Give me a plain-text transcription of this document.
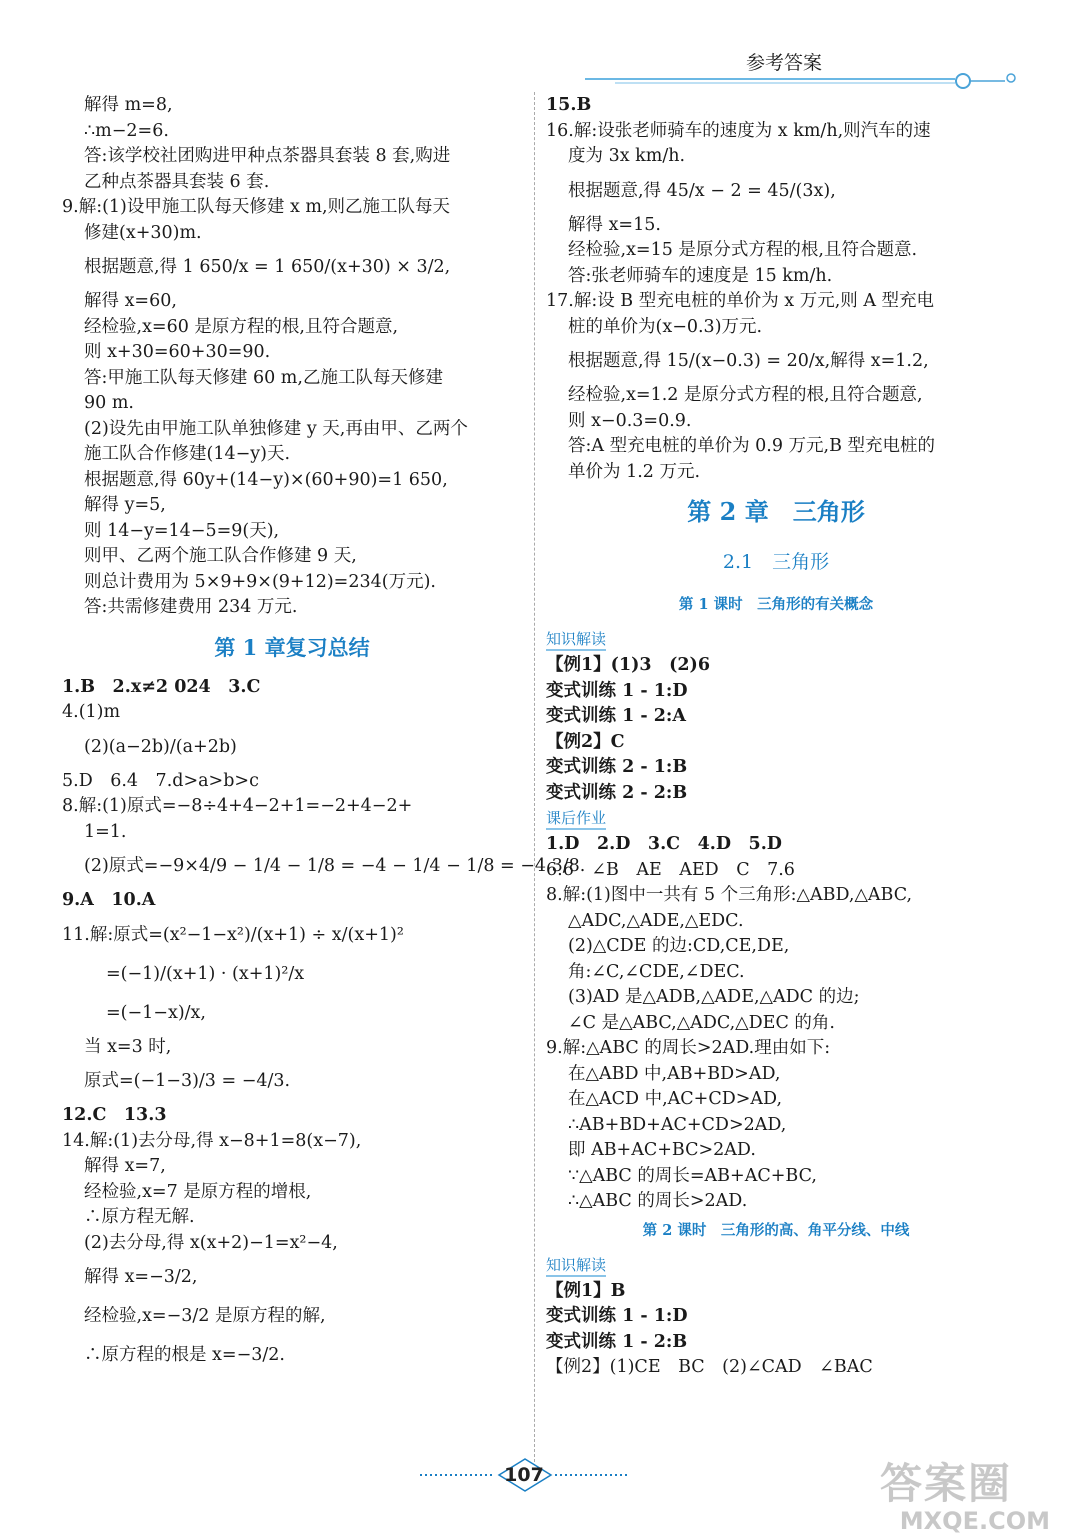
参考答案
解得 m=8,
∴m−2=6.
答:该学校社团购进甲种点茶器具套装 8 套,购进
乙种点茶器具套装 6 套.
9.解:(1)设甲施工队每天修建 x m,则乙施工队每天
修建(x+30)m.
根据题意,得 1 650/x = 1 650/(x+30) × 3/2,
解得 x=60,
经检验,x=60 是原方程的根,且符合题意,
则 x+30=60+30=90.
答:甲施工队每天修建 60 m,乙施工队每天修建
90 m.
(2)设先由甲施工队单独修建 y 天,再由甲、乙两个
施工队合作修建(14−y)天.
根据题意,得 60y+(14−y)×(60+90)=1 650,
解得 y=5,
则 14−y=14−5=9(天),
则甲、乙两个施工队合作修建 9 天,
则总计费用为 5×9+9×(9+12)=234(万元).
答:共需修建费用 234 万元.
第 1 章复习总结
1.B　2.x≠2 024　3.C
4.(1)m
(2)(a−2b)/(a+2b)
5.D　6.4　7.d>a>b>c
8.解:(1)原式=−8÷4+4−2+1=−2+4−2+
1=1.
(2)原式=−9×4/9 − 1/4 − 1/8 = −4 − 1/4 − 1/8 = −4 3/8.
9.A　10.A
11.解:原式=(x²−1−x²)/(x+1) ÷ x/(x+1)²
=(−1)/(x+1) · (x+1)²/x
=(−1−x)/x,
当 x=3 时,
原式=(−1−3)/3 = −4/3.
12.C　13.3
14.解:(1)去分母,得 x−8+1=8(x−7),
解得 x=7,
经检验,x=7 是原方程的增根,
∴原方程无解.
(2)去分母,得 x(x+2)−1=x²−4,
解得 x=−3/2,
经检验,x=−3/2 是原方程的解,
∴原方程的根是 x=−3/2.
15.B
16.解:设张老师骑车的速度为 x km/h,则汽车的速
度为 3x km/h.
根据题意,得 45/x − 2 = 45/(3x),
解得 x=15.
经检验,x=15 是原分式方程的根,且符合题意.
答:张老师骑车的速度是 15 km/h.
17.解:设 B 型充电桩的单价为 x 万元,则 A 型充电
桩的单价为(x−0.3)万元.
根据题意,得 15/(x−0.3) = 20/x,解得 x=1.2,
经检验,x=1.2 是原分式方程的根,且符合题意,
则 x−0.3=0.9.
答:A 型充电桩的单价为 0.9 万元,B 型充电桩的
单价为 1.2 万元.
第 2 章　三角形
2.1　三角形
第 1 课时　三角形的有关概念
知识解读
【例1】(1)3　(2)6
变式训练 1 - 1:D
变式训练 1 - 2:A
【例2】C
变式训练 2 - 1:B
变式训练 2 - 2:B
课后作业
1.D　2.D　3.C　4.D　5.D
6.6　∠B　AE　AED　C　7.6
8.解:(1)图中一共有 5 个三角形:△ABD,△ABC,
△ADC,△ADE,△EDC.
(2)△CDE 的边:CD,CE,DE,
角:∠C,∠CDE,∠DEC.
(3)AD 是△ADB,△ADE,△ADC 的边;
∠C 是△ABC,△ADC,△DEC 的角.
9.解:△ABC 的周长>2AD.理由如下:
在△ABD 中,AB+BD>AD,
在△ACD 中,AC+CD>AD,
∴AB+BD+AC+CD>2AD,
即 AB+AC+BC>2AD.
∵△ABC 的周长=AB+AC+BC,
∴△ABC 的周长>2AD.
第 2 课时　三角形的高、角平分线、中线
知识解读
【例1】B
变式训练 1 - 1:D
变式训练 1 - 2:B
【例2】(1)CE　BC　(2)∠CAD　∠BAC
107	答案圈
MXQE.COM
